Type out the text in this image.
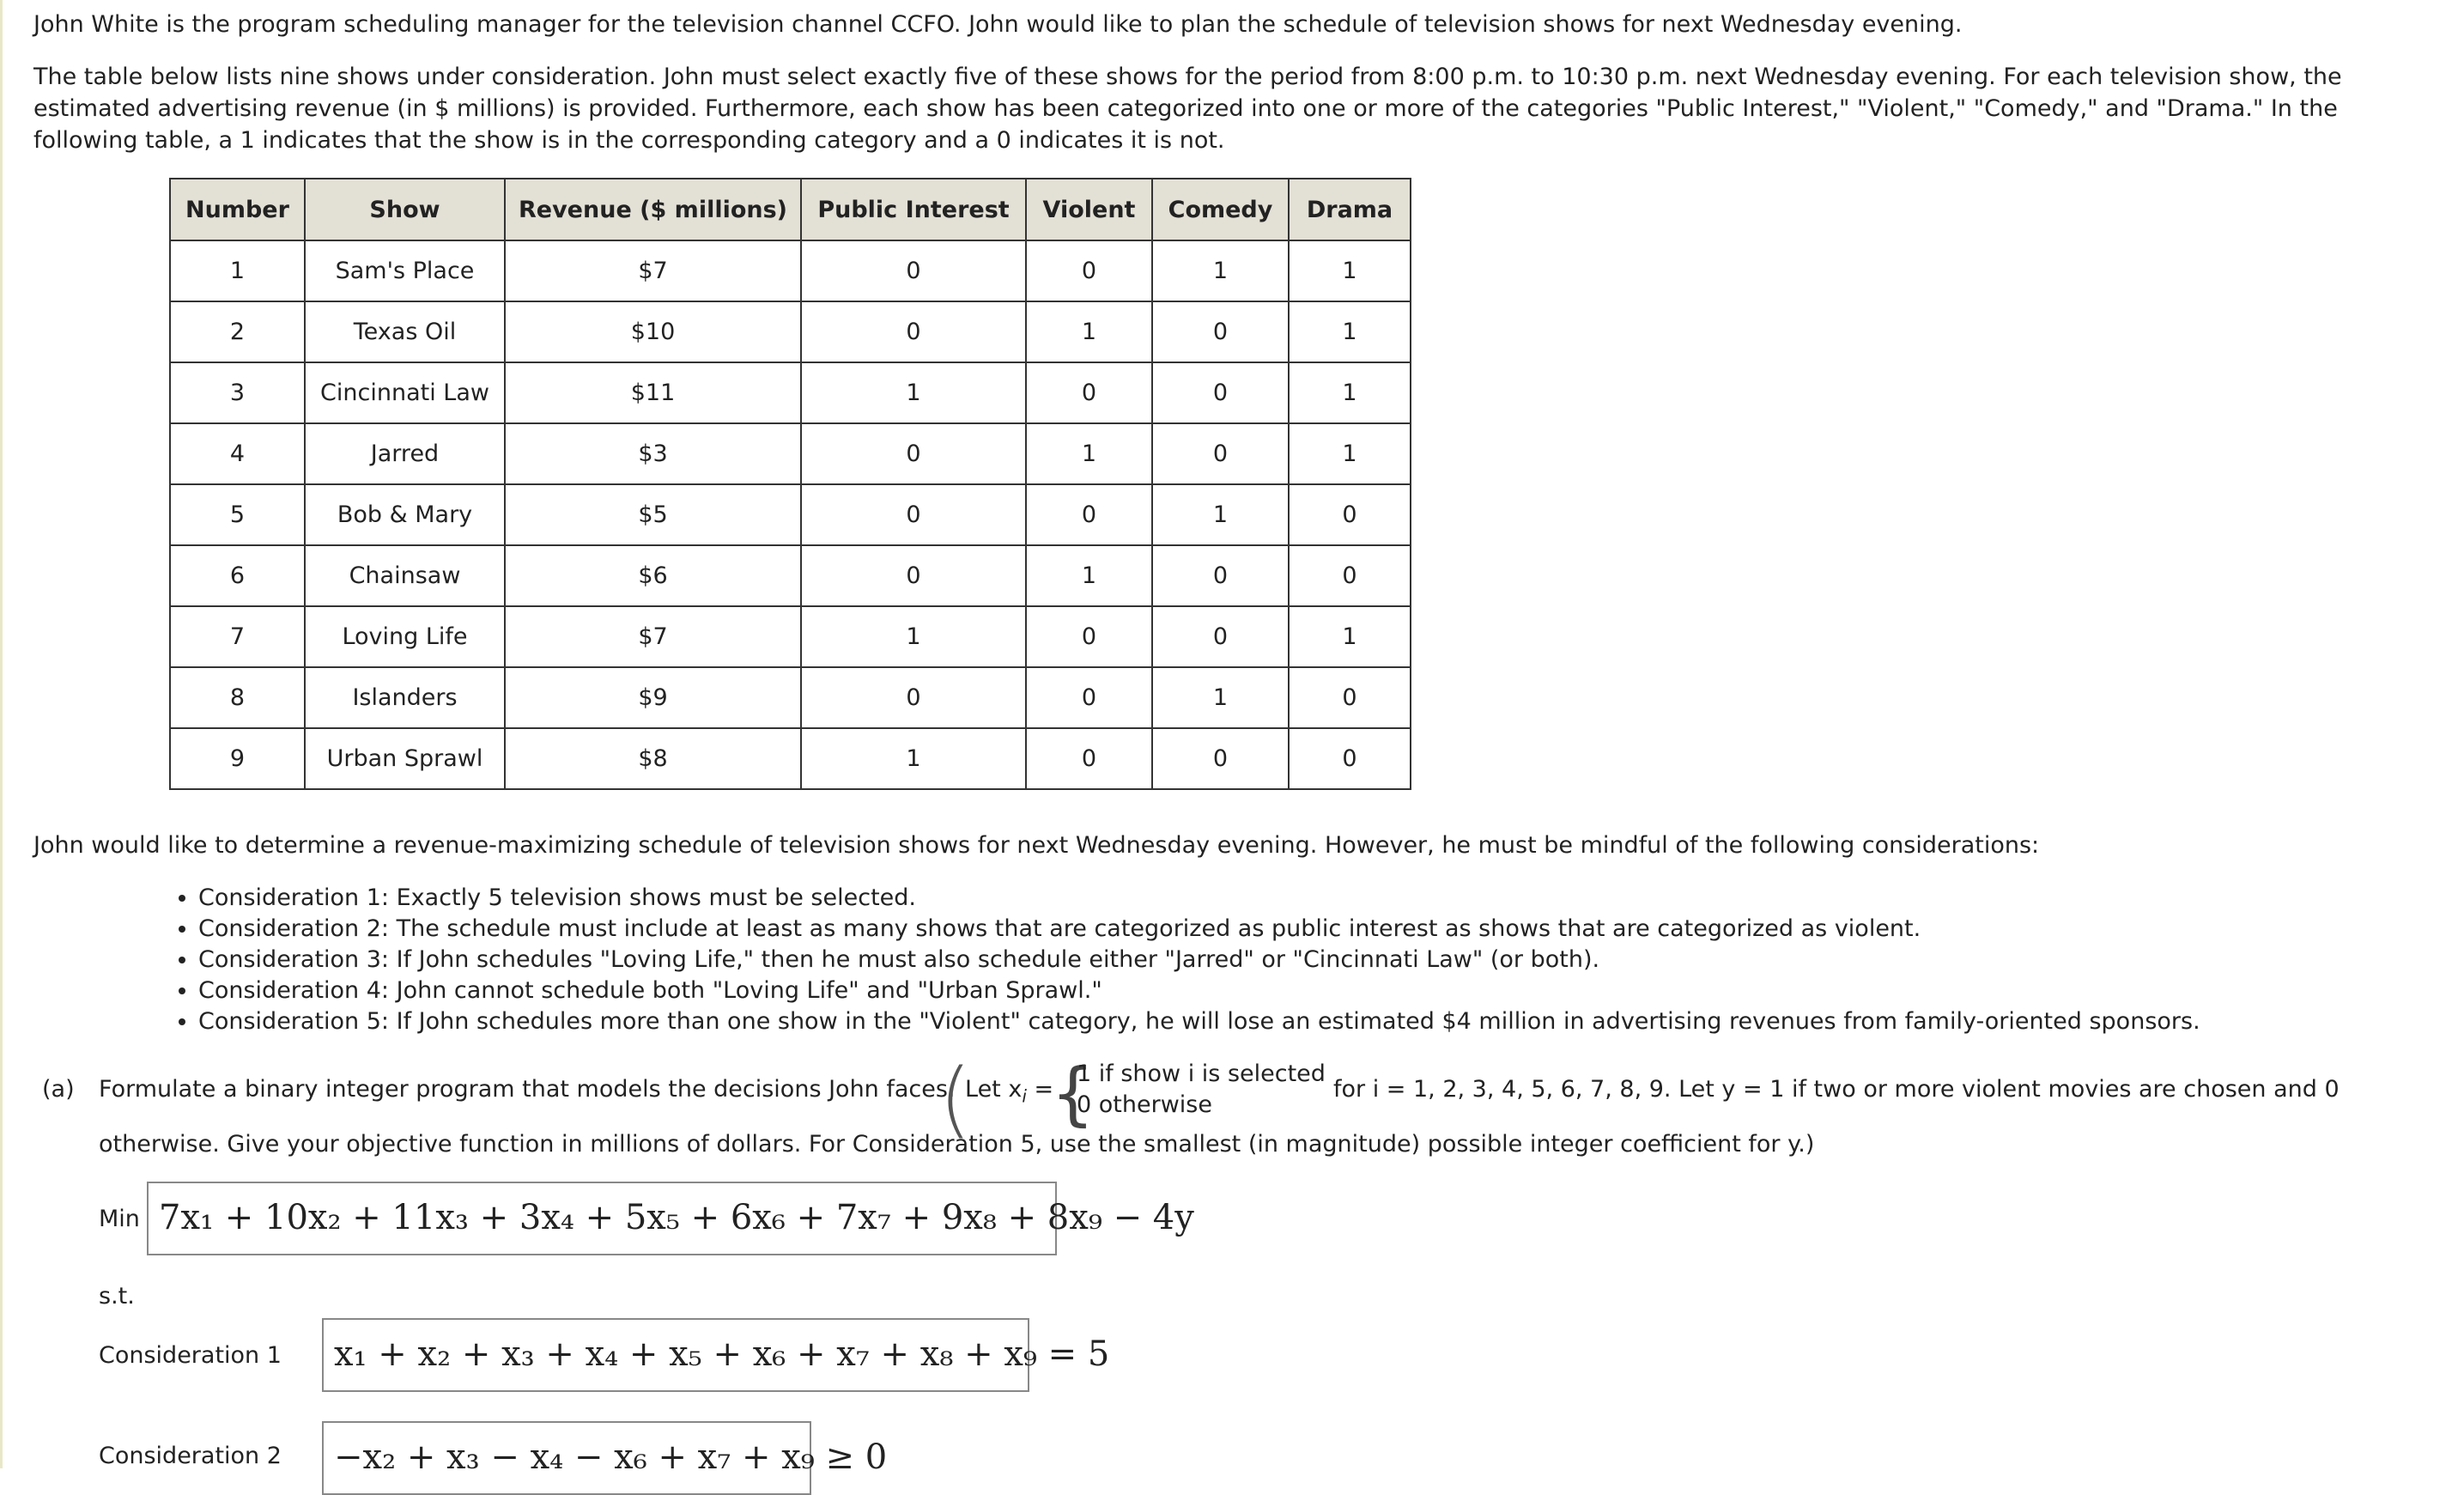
John White is the program scheduling manager for the television channel CCFO. John would like to plan the schedule of television shows for next Wednesday evening.

The table below lists nine shows under consideration. John must select exactly five of these shows for the period from 8:00 p.m. to 10:30 p.m. next Wednesday evening. For each television show, the estimated advertising revenue (in $ millions) is provided. Furthermore, each show has been categorized into one or more of the categories "Public Interest," "Violent," "Comedy," and "Drama." In the following table, a 1 indicates that the show is in the corresponding category and a 0 indicates it is not.

Number	Show	Revenue ($ millions)	Public Interest	Violent	Comedy	Drama
1	Sam's Place	$7	0	0	1	1
2	Texas Oil	$10	0	1	0	1
3	Cincinnati Law	$11	1	0	0	1
4	Jarred	$3	0	1	0	1
5	Bob & Mary	$5	0	0	1	0
6	Chainsaw	$6	0	1	0	0
7	Loving Life	$7	1	0	0	1
8	Islanders	$9	0	0	1	0
9	Urban Sprawl	$8	1	0	0	0

John would like to determine a revenue-maximizing schedule of television shows for next Wednesday evening. However, he must be mindful of the following considerations:

• Consideration 1: Exactly 5 television shows must be selected.
• Consideration 2: The schedule must include at least as many shows that are categorized as public interest as shows that are categorized as violent.
• Consideration 3: If John schedules "Loving Life," then he must also schedule either "Jarred" or "Cincinnati Law" (or both).
• Consideration 4: John cannot schedule both "Loving Life" and "Urban Sprawl."
• Consideration 5: If John schedules more than one show in the "Violent" category, he will lose an estimated $4 million in advertising revenues from family-oriented sponsors.
(a) Formulate a binary integer program that models the decisions John faces.
(
Let $x_i$ =
{
1 if show i is selected
0 otherwise
for i = 1, 2, 3, 4, 5, 6, 7, 8, 9. Let y = 1 if two or more violent movies are chosen and 0
otherwise. Give your objective function in millions of dollars. For Consideration 5, use the smallest (in magnitude) possible integer coefficient for y.)
Min 7x₁ + 10x₂ + 11x₃ + 3x₄ + 5x₅ + 6x₆ + 7x₇ + 9x₈ + 8x₉ − 4y
s.t.
Consideration 1	x₁ + x₂ + x₃ + x₄ + x₅ + x₆ + x₇ + x₈ + x₉ = 5
Consideration 2	−x₂ + x₃ − x₄ − x₆ + x₇ + x₉ ≥ 0
